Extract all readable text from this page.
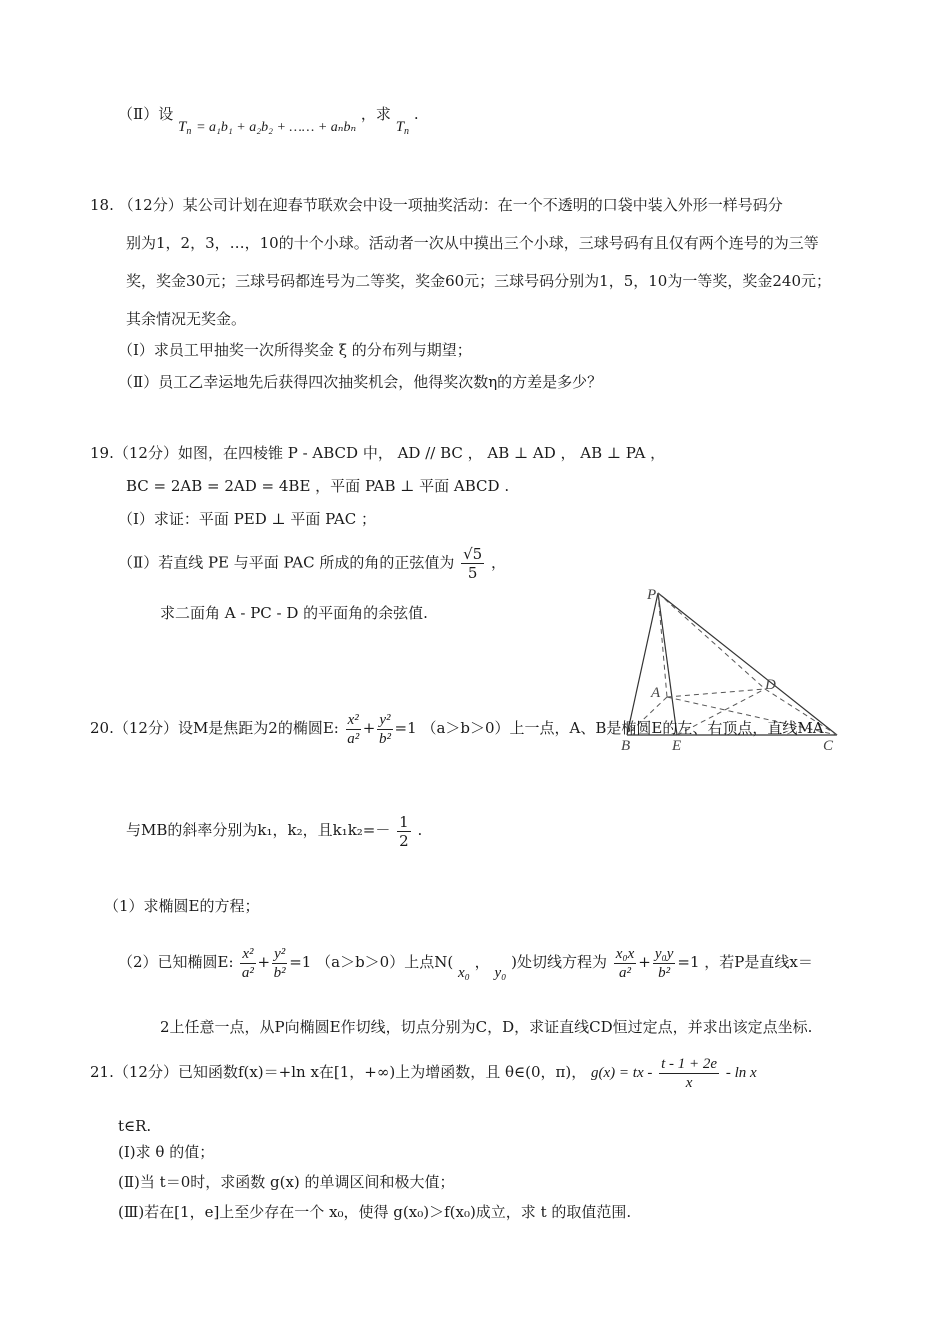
（Ⅱ）设 $T_n = a_1b_1 + a_2b_2$ + …… + aₙbₙ ，求 $T_n$ .
18. （12分）某公司计划在迎春节联欢会中设一项抽奖活动：在一个不透明的口袋中装入外形一样号码分
别为1，2，3，…，10的十个小球。活动者一次从中摸出三个小球，三球号码有且仅有两个连号的为三等
奖，奖金30元；三球号码都连号为二等奖，奖金60元；三球号码分别为1，5，10为一等奖，奖金240元；
其余情况无奖金。
（Ⅰ）求员工甲抽奖一次所得奖金 ξ 的分布列与期望；
（Ⅱ）员工乙幸运地先后获得四次抽奖机会，他得奖次数η的方差是多少？
19.（12分）如图，在四棱锥 P - ABCD 中， AD // BC ， AB ⊥ AD ， AB ⊥ PA ，
BC = 2AB = 2AD = 4BE ，平面 PAB ⊥ 平面 ABCD .
（Ⅰ）求证：平面 PED ⊥ 平面 PAC ；
（Ⅱ）若直线 PE 与平面 PAC 所成的角的正弦值为 $\frac{√5}{5}$ ，
求二面角 A - PC - D 的平面角的余弦值.
P
A	D
B	E	C
20.（12分）设M是焦距为2的椭圆E: $\frac{\text{x²}}{\text{a²}} + \frac{\text{y²}}{\text{b²}} =1$ （a＞b＞0）上一点，A、B是椭圆E的左、右顶点，直线MA
与MB的斜率分别为k₁，k₂，且$k_1k_2=- \frac{1}{2}$ .
（1）求椭圆E的方程；
（2）已知椭圆E: $\frac{\text{x²}}{\text{a²}} + \frac{\text{y²}}{\text{b²}} =1$ （a＞b＞0）上点N( x₀ ， y₀ )处切线方程为 $\frac{\text{x₀x}}{\text{a²}} + \frac{\text{y₀y}}{\text{b²}} =1$ ，若P是直线x＝
2上任意一点，从P向椭圆E作切线，切点分别为C，D，求证直线CD恒过定点，并求出该定点坐标.
21.（12分）已知函数f(x)＝+ln x在[1，+∞)上为增函数，且 θ∈(0，π)， g(x) = tx - $\frac{t - 1 + 2e}{x}$ - ln x
t∈R.
(Ⅰ)求 θ 的值；
(Ⅱ)当 t＝0时，求函数 g(x) 的单调区间和极大值；
(Ⅲ)若在[1，e]上至少存在一个 x₀，使得 g(x₀)＞f(x₀)成立，求 t 的取值范围.
